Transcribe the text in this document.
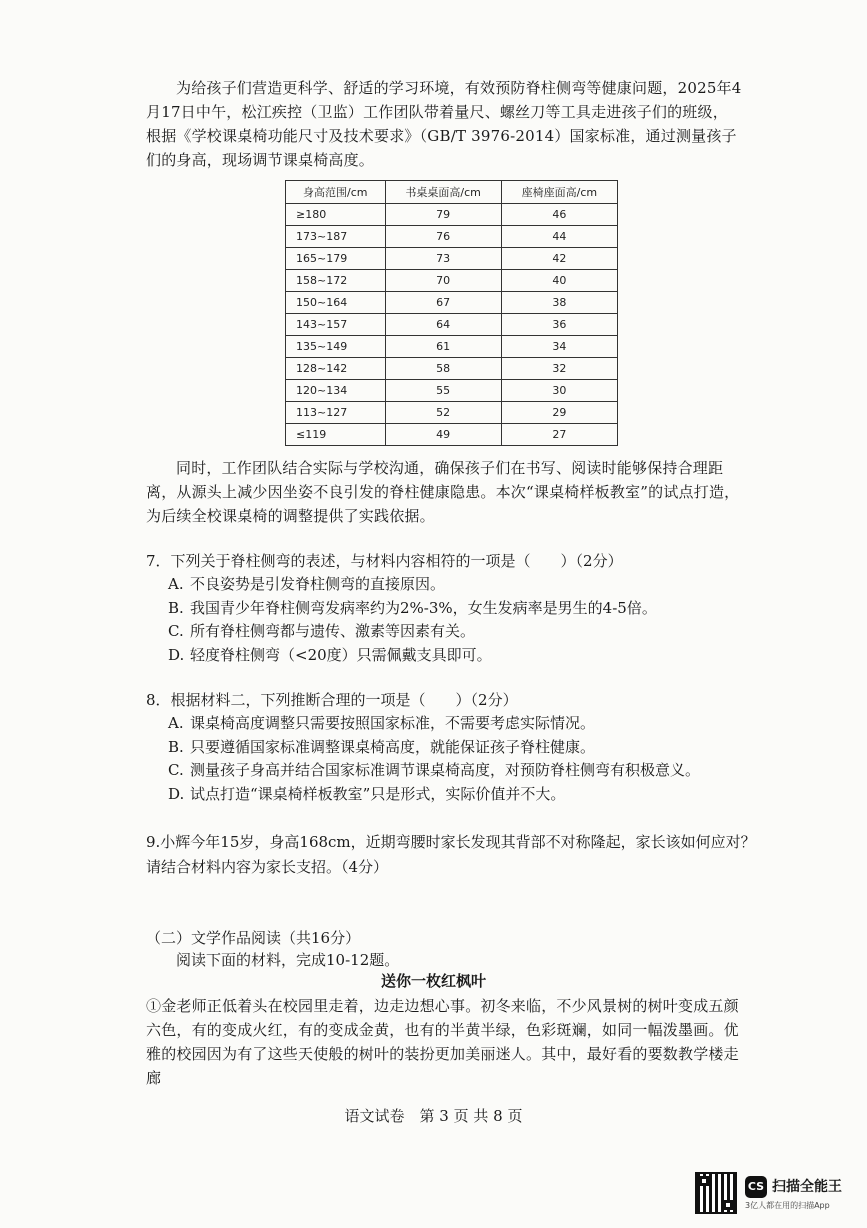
为给孩子们营造更科学、舒适的学习环境，有效预防脊柱侧弯等健康问题，2025年4月17日中午，松江疾控（卫监）工作团队带着量尺、螺丝刀等工具走进孩子们的班级，根据《学校课桌椅功能尺寸及技术要求》（GB/T 3976-2014）国家标准，通过测量孩子们的身高，现场调节课桌椅高度。

身高范围/cm	书桌桌面高/cm	座椅座面高/cm
≥180	79	46
173~187	76	44
165~179	73	42
158~172	70	40
150~164	67	38
143~157	64	36
135~149	61	34
128~142	58	32
120~134	55	30
113~127	52	29
≤119	49	27

同时，工作团队结合实际与学校沟通，确保孩子们在书写、阅读时能够保持合理距离，从源头上减少因坐姿不良引发的脊柱健康隐患。本次“课桌椅样板教室”的试点打造，为后续全校课桌椅的调整提供了实践依据。

7．下列关于脊柱侧弯的表述，与材料内容相符的一项是（　　）（2分）
A. 不良姿势是引发脊柱侧弯的直接原因。
B. 我国青少年脊柱侧弯发病率约为2%-3%，女生发病率是男生的4-5倍。
C. 所有脊柱侧弯都与遗传、激素等因素有关。
D. 轻度脊柱侧弯（<20度）只需佩戴支具即可。
8．根据材料二，下列推断合理的一项是（　　）（2分）
A. 课桌椅高度调整只需要按照国家标准，不需要考虑实际情况。
B. 只要遵循国家标准调整课桌椅高度，就能保证孩子脊柱健康。
C. 测量孩子身高并结合国家标准调节课桌椅高度，对预防脊柱侧弯有积极意义。
D. 试点打造“课桌椅样板教室”只是形式，实际价值并不大。
9.小辉今年15岁，身高168cm，近期弯腰时家长发现其背部不对称隆起，家长该如何应对？
请结合材料内容为家长支招。（4分）
（二）文学作品阅读（共16分）
阅读下面的材料，完成10-12题。
送你一枚红枫叶

①金老师正低着头在校园里走着，边走边想心事。初冬来临，不少风景树的树叶变成五颜六色，有的变成火红，有的变成金黄，也有的半黄半绿，色彩斑斓，如同一幅泼墨画。优雅的校园因为有了这些天使般的树叶的装扮更加美丽迷人。其中，最好看的要数教学楼走廊

语文试卷　第 3 页 共 8 页
CS 扫描全能王
3亿人都在用的扫描App
